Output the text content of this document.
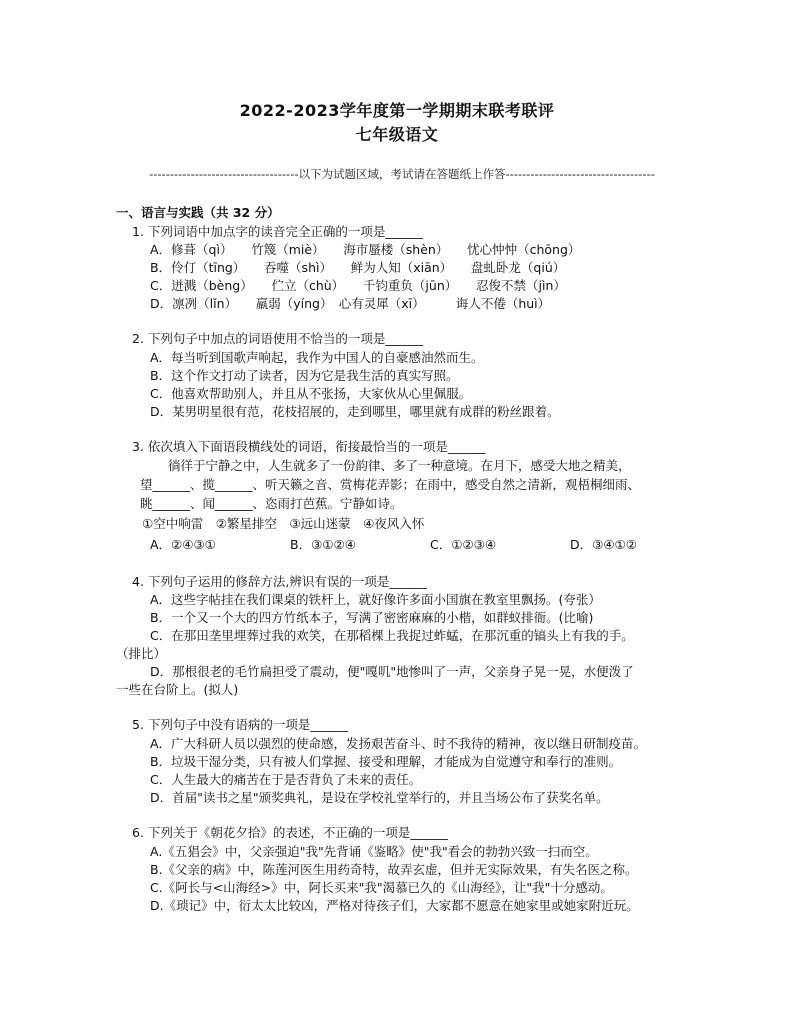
2022-2023学年度第一学期期末联考联评
七年级语文
------------------------------------以下为试题区域，考试请在答题纸上作答------------------------------------
一、语言与实践（共 32 分）
1. 下列词语中加点字的读音完全正确的一项是______
A．修葺（qì）　　竹篾（miè）　　海市蜃楼（shèn）　　忧心忡忡（chōng）
B．伶仃（tīng）　　吞噬（shì）　　鲜为人知（xiān）　　盘虬卧龙（qiú）
C．迸溅（bèng）　　伫立（chù）　　千钧重负（jūn）　　忍俊不禁（jìn）
D．凛冽（lǐn）　　羸弱（yíng）　心有灵犀（xī）　　　诲人不倦（huì）
2. 下列句子中加点的词语使用不恰当的一项是______
A．每当听到国歌声响起，我作为中国人的自豪感油然而生。
B．这个作文打动了读者，因为它是我生活的真实写照。
C．他喜欢帮助别人，并且从不张扬，大家伙从心里佩服。
D．某男明星很有范，花枝招展的，走到哪里，哪里就有成群的粉丝跟着。
3. 依次填入下面语段横线处的词语，衔接最恰当的一项是______
徜徉于宁静之中，人生就多了一份韵律、多了一种意境。在月下，感受大地之精美，
望______、揽______、听天籁之音、赏梅花弄影；在雨中，感受自然之清新，观梧桐细雨、
眺______、闻______、恣雨打芭蕉。宁静如诗。
①空中响雷　②繁星排空　③远山迷蒙　④夜风入怀
A．②④③①	B．③①②④	C．①②③④	D．③④①②
4. 下列句子运用的修辞方法,辨识有误的一项是______
A．这些字帖挂在我们课桌的铁杆上，就好像许多面小国旗在教室里飘扬。(夸张）
B．一个又一个大的四方竹纸本子，写满了密密麻麻的小楷，如群蚁排衙。(比喻)
C．在那田垄里埋葬过我的欢笑，在那稻棵上我捉过蚱蜢，在那沉重的镐头上有我的手。
（排比）
D．那根很老的毛竹扁担受了震动，便"嘎叽"地惨叫了一声，父亲身子晃一晃，水便泼了
一些在台阶上。(拟人)
5. 下列句子中没有语病的一项是______
A．广大科研人员以强烈的使命感，发扬艰苦奋斗、时不我待的精神，夜以继日研制疫苗。
B．垃圾干湿分类，只有被人们掌握、接受和理解，才能成为自觉遵守和奉行的准则。
C．人生最大的痛苦在于是否背负了未来的责任。
D．首届"读书之星"颁奖典礼，是设在学校礼堂举行的，并且当场公布了获奖名单。
6. 下列关于《朝花夕拾》的表述，不正确的一项是______
A.《五猖会》中，父亲强迫"我"先背诵《鉴略》使"我"看会的勃勃兴致一扫而空。
B.《父亲的病》中，陈莲河医生用药奇特，故弄玄虚，但并无实际效果，有失名医之称。
C.《阿长与<山海经>》中，阿长买来"我"渴慕已久的《山海经》，让"我"十分感动。
D.《琐记》中，衍太太比较凶，严格对待孩子们，大家都不愿意在她家里或她家附近玩。
